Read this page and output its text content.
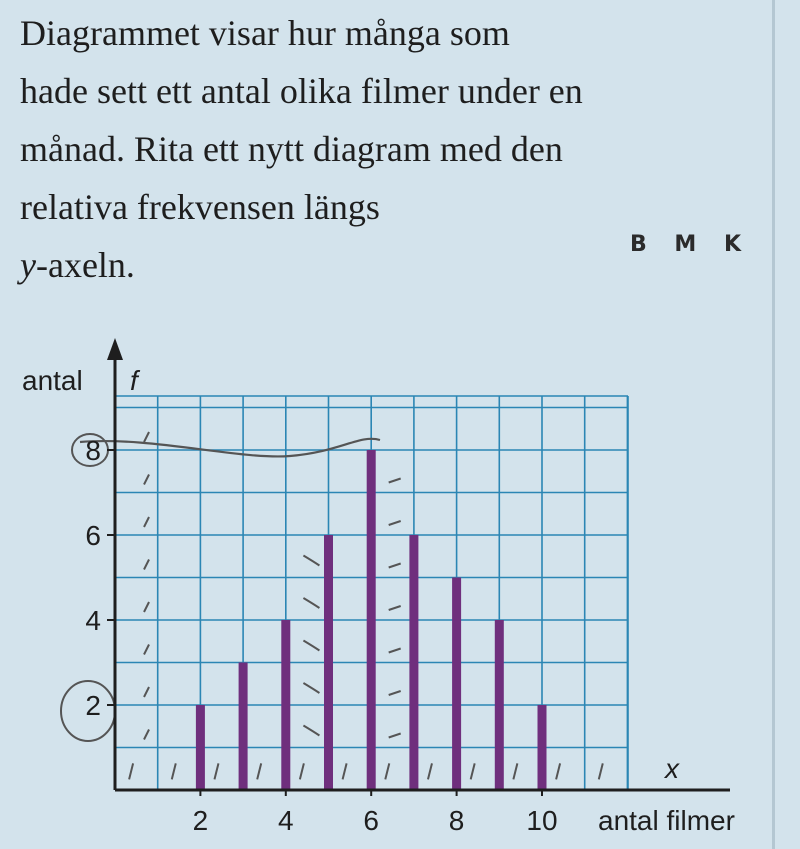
Diagrammet visar hur många som
hade sett ett antal olika filmer under en
månad. Rita ett nytt diagram med den
relativa frekvensen längs
y-axeln.
B M K
2 4 6 8 10
2
4
6
8
antal f
x
antal filmer
